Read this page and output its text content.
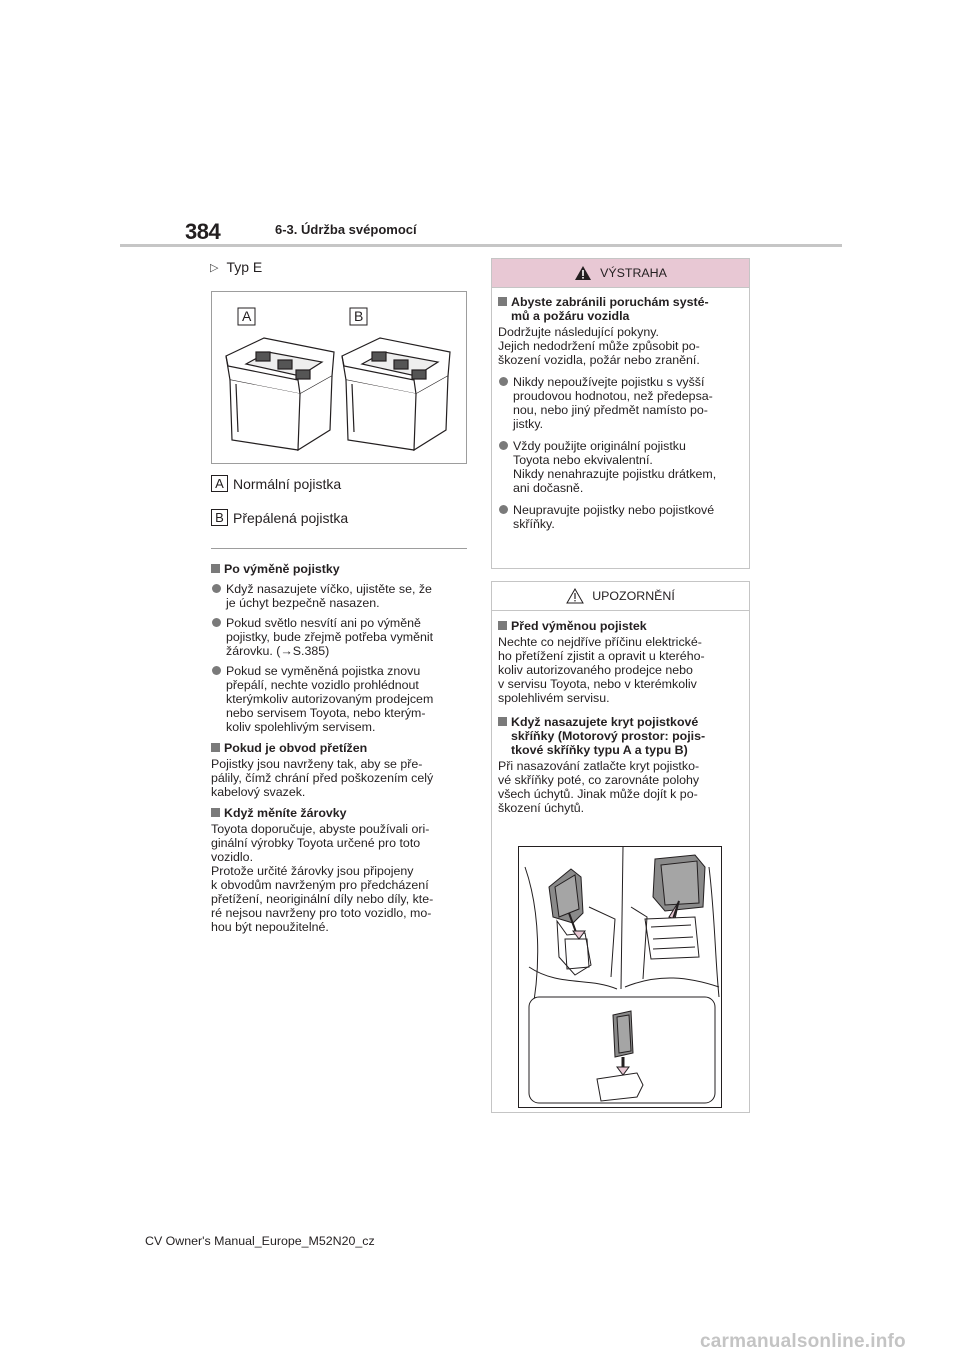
384	6-3. Údržba svépomocí
▷ Typ E
A	B
A Normální pojistka
B Přepálená pojistka
Po výměně pojistky
Když nasazujete víčko, ujistěte se, že
je úchyt bezpečně nasazen.
Pokud světlo nesvítí ani po výměně
pojistky, bude zřejmě potřeba vyměnit
žárovku. (→S.385)
Pokud se vyměněná pojistka znovu
přepálí, nechte vozidlo prohlédnout
kterýmkoliv autorizovaným prodejcem
nebo servisem Toyota, nebo kterým-
koliv spolehlivým servisem.
Pokud je obvod přetížen
Pojistky jsou navrženy tak, aby se pře-
pálily, čímž chrání před poškozením celý
kabelový svazek.
Když měníte žárovky
Toyota doporučuje, abyste používali ori-
ginální výrobky Toyota určené pro toto
vozidlo.
Protože určité žárovky jsou připojeny
k obvodům navrženým pro předcházení
přetížení, neoriginální díly nebo díly, kte-
ré nejsou navrženy pro toto vozidlo, mo-
hou být nepoužitelné.
VÝSTRAHA
Abyste zabránili poruchám systé-
mů a požáru vozidla
Dodržujte následující pokyny.
Jejich nedodržení může způsobit po-
škození vozidla, požár nebo zranění.
Nikdy nepoužívejte pojistku s vyšší
proudovou hodnotou, než předepsa-
nou, nebo jiný předmět namísto po-
jistky.
Vždy použijte originální pojistku
Toyota nebo ekvivalentní.
Nikdy nenahrazujte pojistku drátkem,
ani dočasně.
Neupravujte pojistky nebo pojistkové
skříňky.
UPOZORNĚNÍ
Před výměnou pojistek
Nechte co nejdříve příčinu elektrické-
ho přetížení zjistit a opravit u kterého-
koliv autorizovaného prodejce nebo
v servisu Toyota, nebo v kterémkoliv
spolehlivém servisu.
Když nasazujete kryt pojistkové
skříňky (Motorový prostor: pojis-
tkové skříňky typu A a typu B)
Při nasazování zatlačte kryt pojistko-
vé skříňky poté, co zarovnáte polohy
všech úchytů. Jinak může dojít k po-
škození úchytů.
CV Owner's Manual_Europe_M52N20_cz
carmanualsonline.info
